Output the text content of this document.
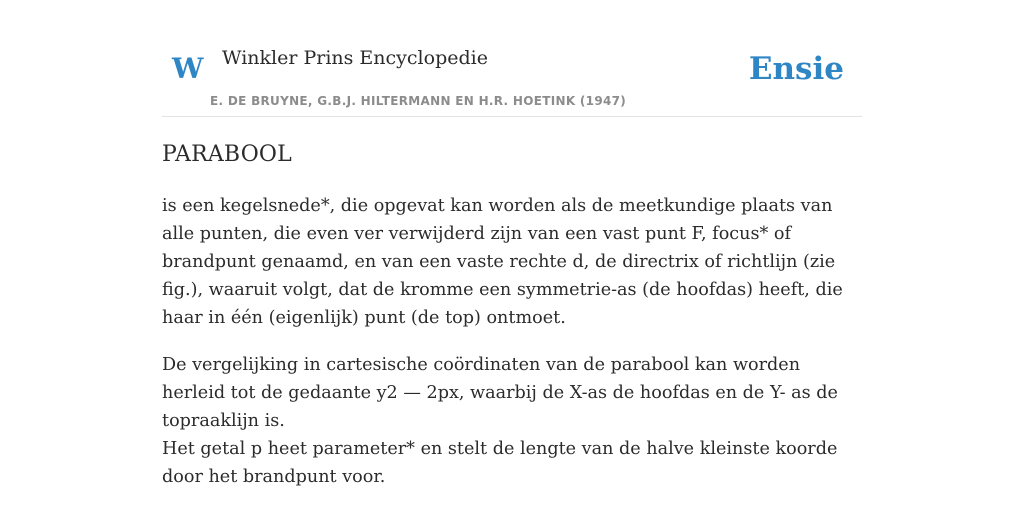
W Winkler Prins Encyclopedie
E. DE BRUYNE, G.B.J. HILTERMANN EN H.R. HOETINK (1947)
Ensie
PARABOOL

is een kegelsnede*, die opgevat kan worden als de meetkundige plaats van alle punten, die even ver verwijderd zijn van een vast punt F, focus* of brandpunt genaamd, en van een vaste rechte d, de directrix of richtlijn (zie fig.), waaruit volgt, dat de kromme een symmetrie-as (de hoofdas) heeft, die haar in één (eigenlijk) punt (de top) ontmoet.

De vergelijking in cartesische coördinaten van de parabool kan worden herleid tot de gedaante y2 — 2px, waarbij de X-as de hoofdas en de Y- as de topraaklijn is.

Het getal p heet parameter* en stelt de lengte van de halve kleinste koorde door het brandpunt voor.
